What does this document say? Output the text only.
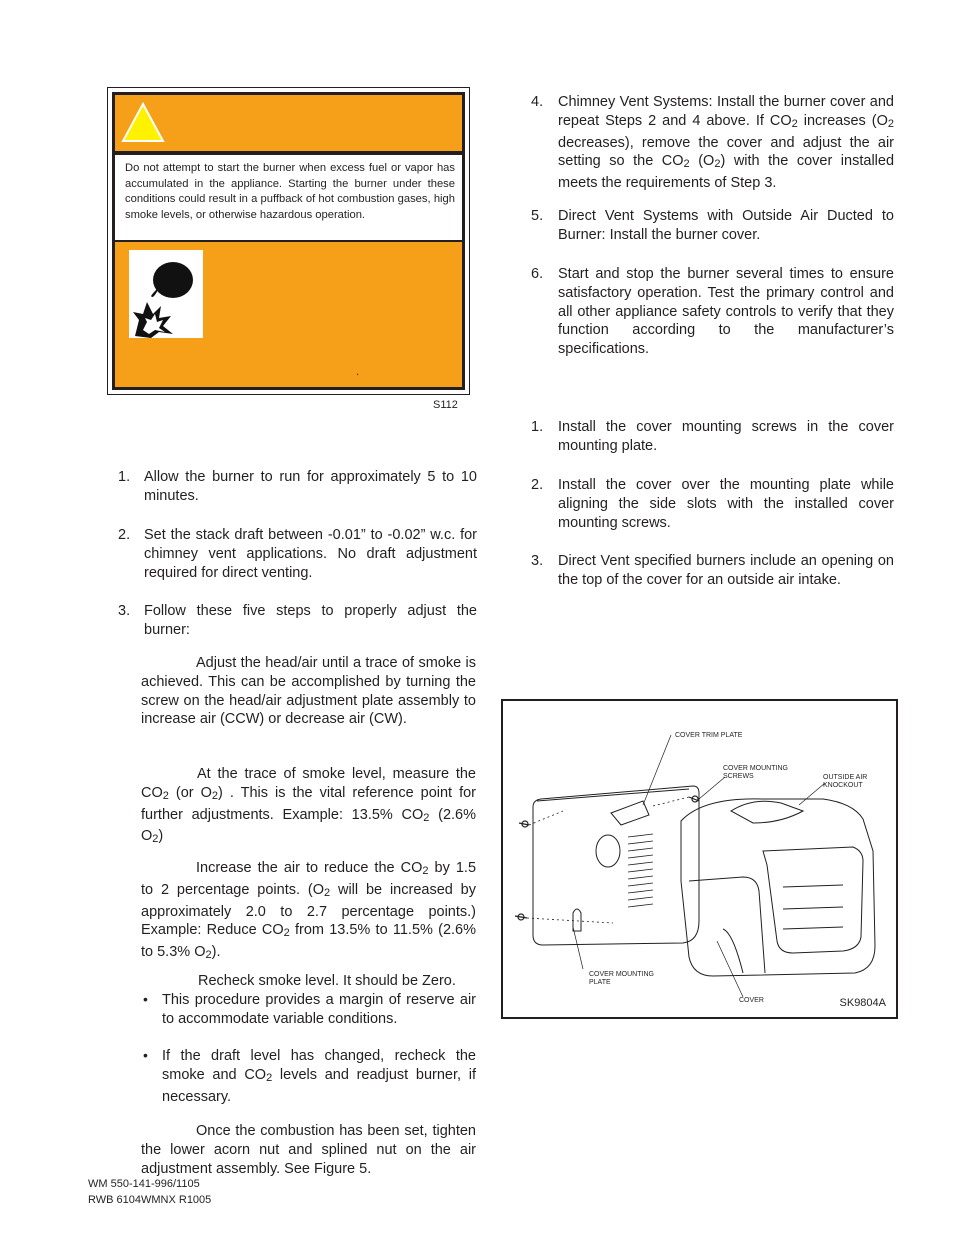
Do not attempt to start the burner when excess fuel or vapor has accumulated in the appliance. Starting the burner under these conditions could result in a puffback of hot combustion gases, high smoke levels, or otherwise hazardous operation.
.
S112
1. Allow the burner to run for approximately 5 to 10 minutes.
2. Set the stack draft between -0.01” to -0.02” w.c. for chimney vent applications. No draft adjustment required for direct venting.
3. Follow these five steps to properly adjust the burner:
Adjust the head/air until a trace of smoke is achieved. This can be accomplished by turning the screw on the head/air adjustment plate assembly to increase air (CCW) or decrease air (CW).
At the trace of smoke level, measure the $CO_2$ (or $O_2$) . This is the vital reference point for further adjustments. Example: 13.5% $CO_2$ (2.6% $O_2$)
Increase the air to reduce the $CO_2$ by 1.5 to 2 percentage points. ($O_2$ will be increased by approximately 2.0 to 2.7 percentage points.) Example: Reduce $CO_2$ from 13.5% to 11.5% (2.6% to 5.3% $O_2$).
Recheck smoke level. It should be Zero.
• This procedure provides a margin of reserve air to accommodate variable conditions.
• If the draft level has changed, recheck the smoke and $CO_2$ levels and readjust burner, if necessary.
Once the combustion has been set, tighten the lower acorn nut and splined nut on the air adjustment assembly. See Figure 5.
4. Chimney Vent Systems: Install the burner cover and repeat Steps 2 and 4 above. If $CO_2$ increases ($O_2$ decreases), remove the cover and adjust the air setting so the $CO_2$ $(O_2)$ with the cover installed meets the requirements of Step 3.
5. Direct Vent Systems with Outside Air Ducted to Burner: Install the burner cover.
6. Start and stop the burner several times to ensure satisfactory operation. Test the primary control and all other appliance safety controls to verify that they function according to the manufacturer’s specifications.
1. Install the cover mounting screws in the cover mounting plate.
2. Install the cover over the mounting plate while aligning the side slots with the installed cover mounting screws.
3. Direct Vent specified burners include an opening on the top of the cover for an outside air intake.
COVER TRIM PLATE
COVER MOUNTING SCREWS	OUTSIDE AIR KNOCKOUT
COVER MOUNTING PLATE
COVER	SK9804A
WM 550-141-996/1105
RWB 6104WMNX R1005
